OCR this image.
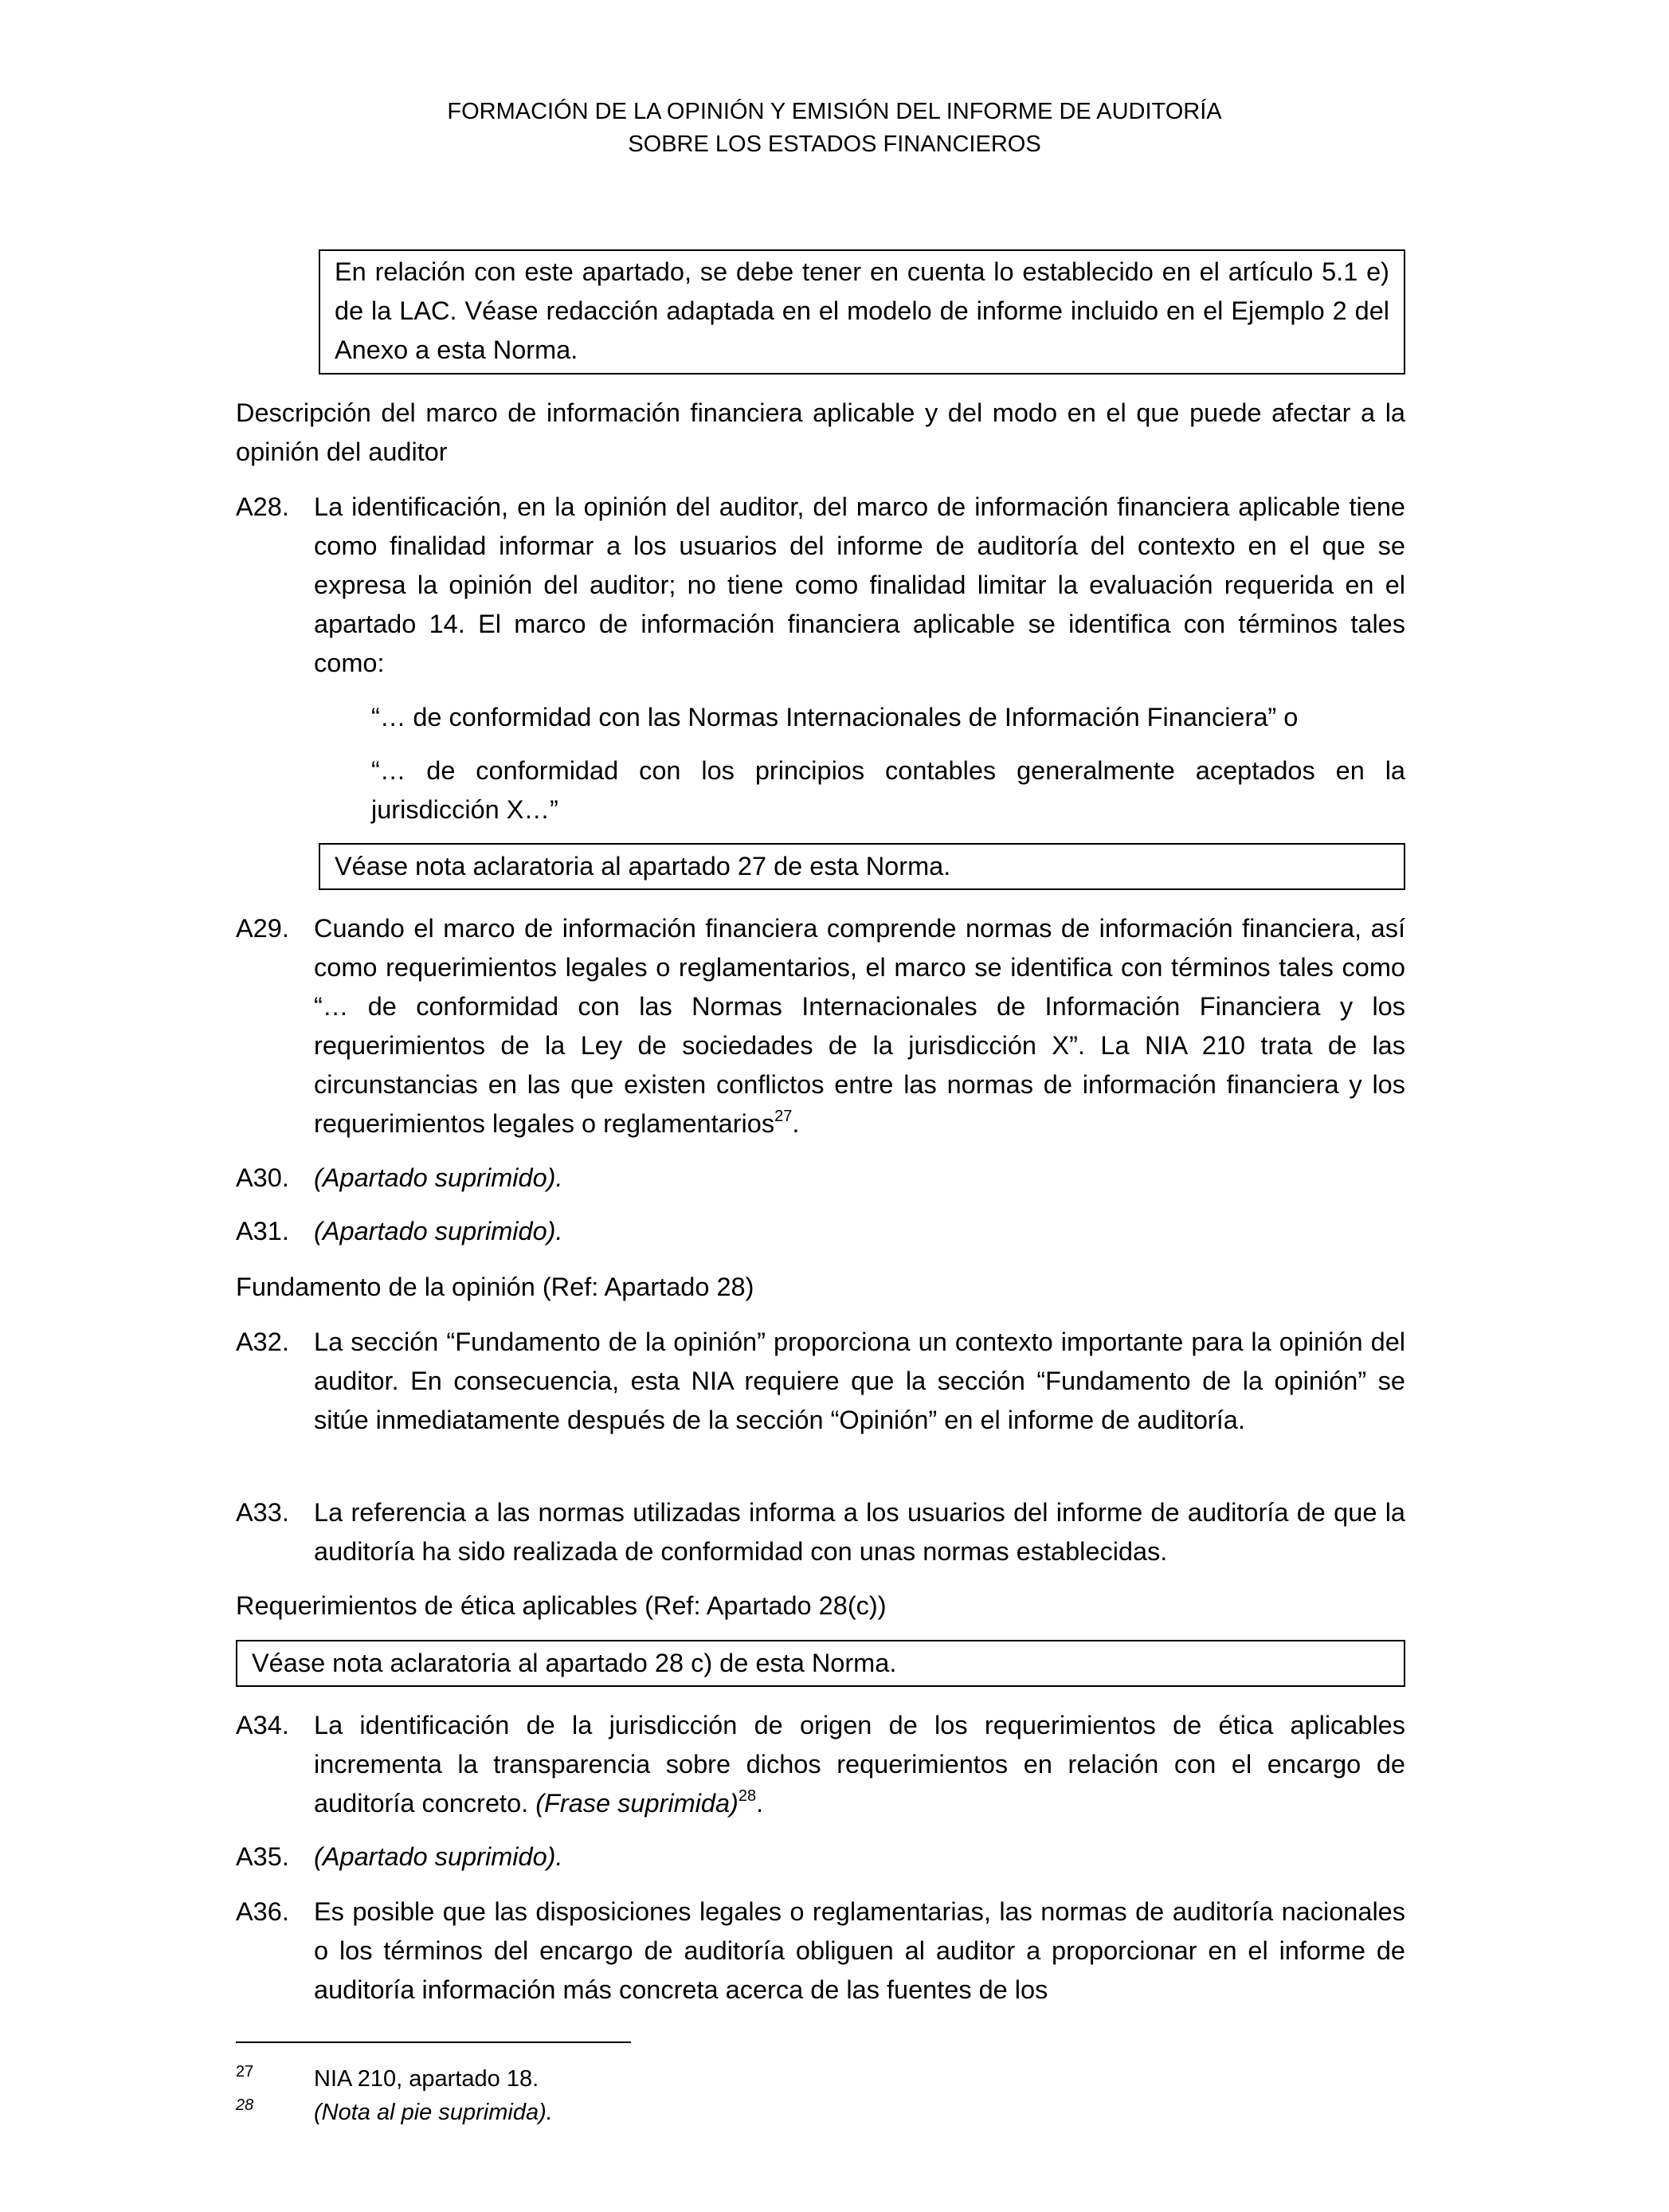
FORMACIÓN DE LA OPINIÓN Y EMISIÓN DEL INFORME DE AUDITORÍA
SOBRE LOS ESTADOS FINANCIEROS
En relación con este apartado, se debe tener en cuenta lo establecido en el artículo 5.1 e) de la LAC. Véase redacción adaptada en el modelo de informe incluido en el Ejemplo 2 del Anexo a esta Norma.
Descripción del marco de información financiera aplicable y del modo en el que puede afectar a la opinión del auditor
A28. La identificación, en la opinión del auditor, del marco de información financiera aplicable tiene como finalidad informar a los usuarios del informe de auditoría del contexto en el que se expresa la opinión del auditor; no tiene como finalidad limitar la evaluación requerida en el apartado 14. El marco de información financiera aplicable se identifica con términos tales como:
“… de conformidad con las Normas Internacionales de Información Financiera” o
“… de conformidad con los principios contables generalmente aceptados en la jurisdicción X…”
Véase nota aclaratoria al apartado 27 de esta Norma.
A29. Cuando el marco de información financiera comprende normas de información financiera, así como requerimientos legales o reglamentarios, el marco se identifica con términos tales como “… de conformidad con las Normas Internacionales de Información Financiera y los requerimientos de la Ley de sociedades de la jurisdicción X”. La NIA 210 trata de las circunstancias en las que existen conflictos entre las normas de información financiera y los requerimientos legales o reglamentarios$^{27}$.
A30. (Apartado suprimido).
A31. (Apartado suprimido).
Fundamento de la opinión (Ref: Apartado 28)
A32. La sección “Fundamento de la opinión” proporciona un contexto importante para la opinión del auditor. En consecuencia, esta NIA requiere que la sección “Fundamento de la opinión” se sitúe inmediatamente después de la sección “Opinión” en el informe de auditoría.
A33. La referencia a las normas utilizadas informa a los usuarios del informe de auditoría de que la auditoría ha sido realizada de conformidad con unas normas establecidas.
Requerimientos de ética aplicables (Ref: Apartado 28(c))
Véase nota aclaratoria al apartado 28 c) de esta Norma.
A34. La identificación de la jurisdicción de origen de los requerimientos de ética aplicables incrementa la transparencia sobre dichos requerimientos en relación con el encargo de auditoría concreto. (Frase suprimida)$^{28}$.
A35. (Apartado suprimido).
A36. Es posible que las disposiciones legales o reglamentarias, las normas de auditoría nacionales o los términos del encargo de auditoría obliguen al auditor a proporcionar en el informe de auditoría información más concreta acerca de las fuentes de los
27	NIA 210, apartado 18.
28	(Nota al pie suprimida).
